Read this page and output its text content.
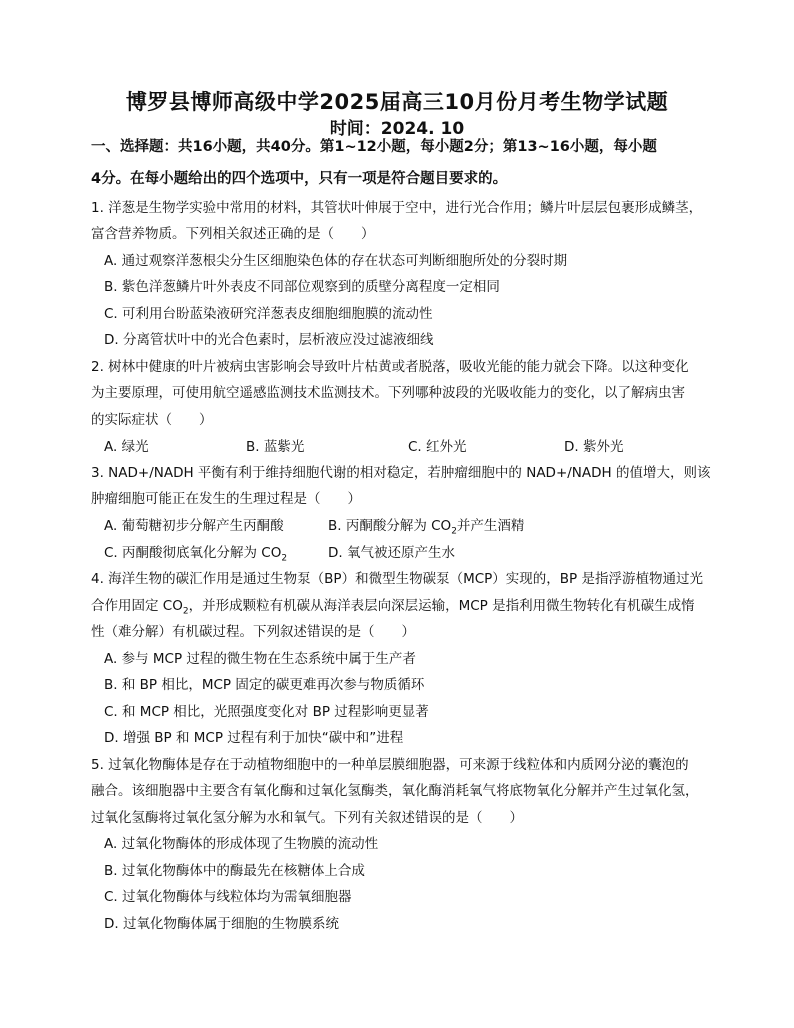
博罗县博师高级中学2025届高三10月份月考生物学试题
时间：2024. 10
一、选择题：共16小题，共40分。第1~12小题，每小题2分；第13~16小题，每小题
4分。在每小题给出的四个选项中，只有一项是符合题目要求的。
1. 洋葱是生物学实验中常用的材料，其管状叶伸展于空中，进行光合作用；鳞片叶层层包裹形成鳞茎，
富含营养物质。下列相关叙述正确的是（　　）
A. 通过观察洋葱根尖分生区细胞染色体的存在状态可判断细胞所处的分裂时期
B. 紫色洋葱鳞片叶外表皮不同部位观察到的质壁分离程度一定相同
C. 可利用台盼蓝染液研究洋葱表皮细胞细胞膜的流动性
D. 分离管状叶中的光合色素时，层析液应没过滤液细线
2. 树林中健康的叶片被病虫害影响会导致叶片枯黄或者脱落，吸收光能的能力就会下降。以这种变化
为主要原理，可使用航空遥感监测技术监测技术。下列哪种波段的光吸收能力的变化，以了解病虫害
的实际症状（　　）
A. 绿光	B. 蓝紫光	C. 红外光	D. 紫外光
3. NAD+/NADH 平衡有利于维持细胞代谢的相对稳定，若肿瘤细胞中的 NAD+/NADH 的值增大，则该
肿瘤细胞可能正在发生的生理过程是（　　）
A. 葡萄糖初步分解产生丙酮酸	B. 丙酮酸分解为 $CO_2$并产生酒精
C. 丙酮酸彻底氧化分解为 $CO_2$	D. 氧气被还原产生水
4. 海洋生物的碳汇作用是通过生物泵（BP）和微型生物碳泵（MCP）实现的，BP 是指浮游植物通过光
合作用固定 $CO_2$，并形成颗粒有机碳从海洋表层向深层运输，MCP 是指利用微生物转化有机碳生成惰
性（难分解）有机碳过程。下列叙述错误的是（　　）
A. 参与 MCP 过程的微生物在生态系统中属于生产者
B. 和 BP 相比，MCP 固定的碳更难再次参与物质循环
C. 和 MCP 相比，光照强度变化对 BP 过程影响更显著
D. 增强 BP 和 MCP 过程有利于加快“碳中和”进程
5. 过氧化物酶体是存在于动植物细胞中的一种单层膜细胞器，可来源于线粒体和内质网分泌的囊泡的
融合。该细胞器中主要含有氧化酶和过氧化氢酶类，氧化酶消耗氧气将底物氧化分解并产生过氧化氢，
过氧化氢酶将过氧化氢分解为水和氧气。下列有关叙述错误的是（　　）
A. 过氧化物酶体的形成体现了生物膜的流动性
B. 过氧化物酶体中的酶最先在核糖体上合成
C. 过氧化物酶体与线粒体均为需氧细胞器
D. 过氧化物酶体属于细胞的生物膜系统
